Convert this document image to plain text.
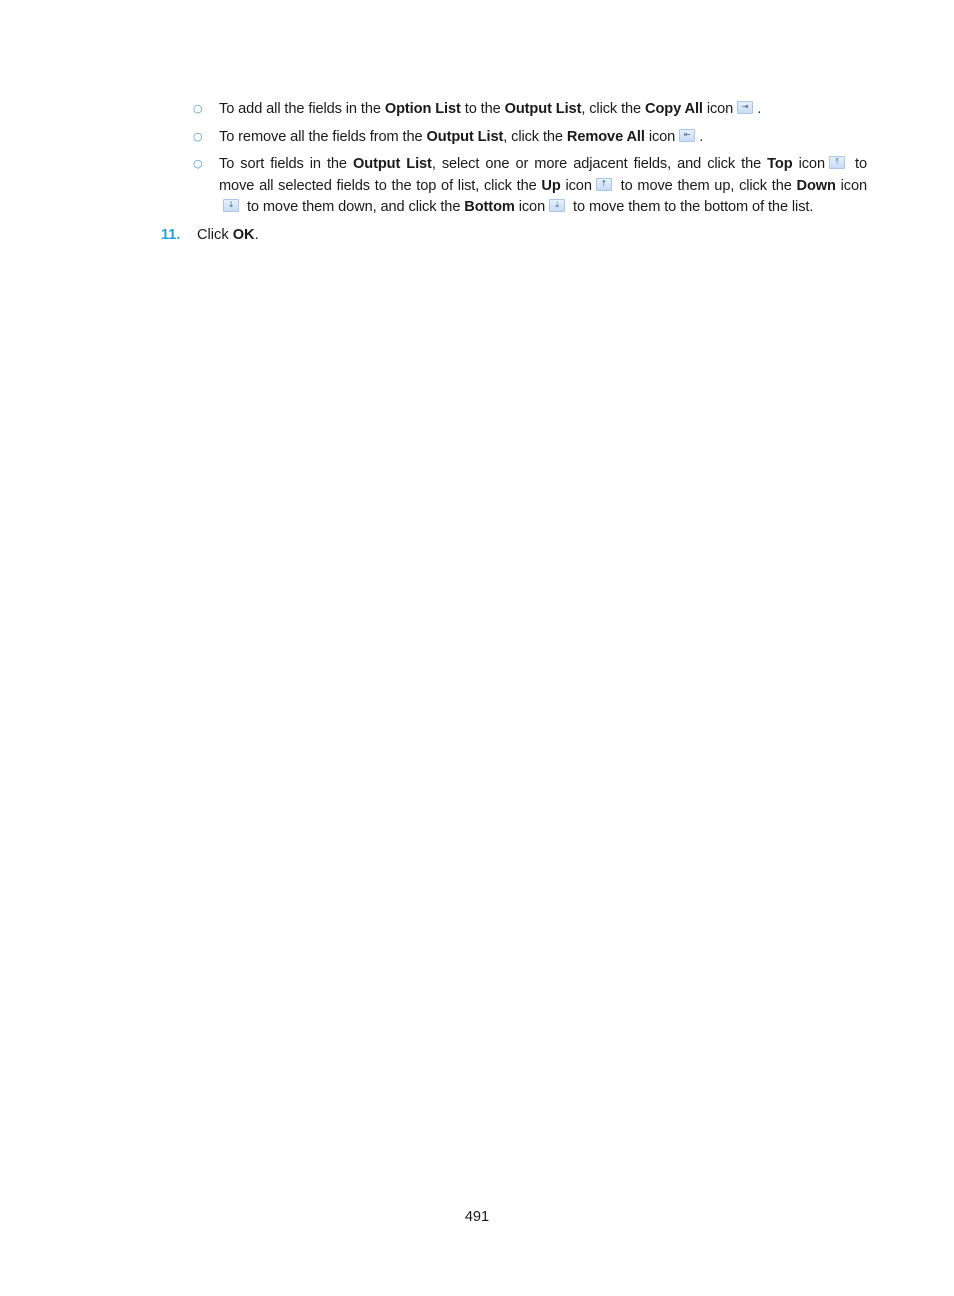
○ To add all the fields in the Option List to the Output List, click the Copy All icon	⇥ .
○ To remove all the fields from the Output List, click the Remove All icon	⇤ .
○ To sort fields in the Output List, select one or more adjacent fields, and click the Top icon	⤒ to move all selected fields to the top of list, click the Up icon	↑ to move them up, click the Down icon
↓ to move them down, and click the Bottom icon	⤓ to move them to the bottom of the list.
11. Click OK.
491
